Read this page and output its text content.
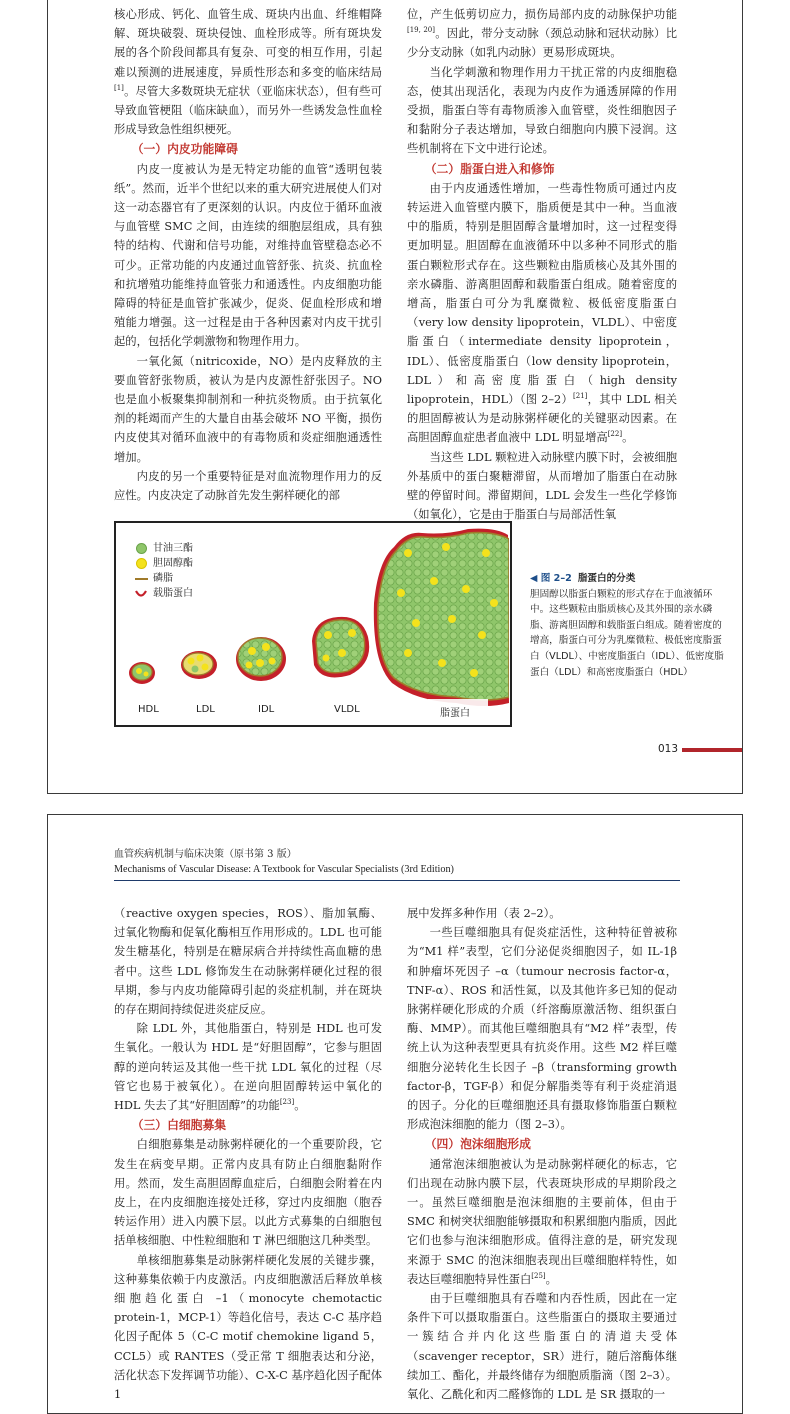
核心形成、钙化、血管生成、斑块内出血、纤维帽降解、斑块破裂、斑块侵蚀、血栓形成等。所有斑块发展的各个阶段间都具有复杂、可变的相互作用，引起难以预测的进展速度，异质性形态和多变的临床结局[1]。尽管大多数斑块无症状（亚临床状态），但有些可导致血管梗阻（临床缺血），而另外一些诱发急性血栓形成导致急性组织梗死。

（一）内皮功能障碍

内皮一度被认为是无特定功能的血管“透明包装纸”。然而，近半个世纪以来的重大研究进展使人们对这一动态器官有了更深刻的认识。内皮位于循环血液与血管壁 SMC 之间，由连续的细胞层组成，具有独特的结构、代谢和信号功能，对维持血管壁稳态必不可少。正常功能的内皮通过血管舒张、抗炎、抗血栓和抗增殖功能维持血管张力和通透性。内皮细胞功能障碍的特征是血管扩张减少，促炎、促血栓形成和增殖能力增强。这一过程是由于各种因素对内皮干扰引起的，包括化学刺激物和物理作用力。

一氧化氮（nitricoxide，NO）是内皮释放的主要血管舒张物质，被认为是内皮源性舒张因子。NO 也是血小板聚集抑制剂和一种抗炎物质。由于抗氧化剂的耗竭而产生的大量自由基会破坏 NO 平衡，损伤内皮使其对循环血液中的有毒物质和炎症细胞通透性增加。

内皮的另一个重要特征是对血流物理作用力的反应性。内皮决定了动脉首先发生粥样硬化的部

位，产生低剪切应力，损伤局部内皮的动脉保护功能[19, 20]。因此，带分支动脉（颈总动脉和冠状动脉）比少分支动脉（如乳内动脉）更易形成斑块。

当化学刺激和物理作用力干扰正常的内皮细胞稳态，使其出现活化，表现为内皮作为通透屏障的作用受损，脂蛋白等有毒物质渗入血管壁，炎性细胞因子和黏附分子表达增加，导致白细胞向内膜下浸润。这些机制将在下文中进行论述。

（二）脂蛋白进入和修饰

由于内皮通透性增加，一些毒性物质可通过内皮转运进入血管壁内膜下，脂质便是其中一种。当血液中的脂质，特别是胆固醇含量增加时，这一过程变得更加明显。胆固醇在血液循环中以多种不同形式的脂蛋白颗粒形式存在。这些颗粒由脂质核心及其外围的亲水磷脂、游离胆固醇和载脂蛋白组成。随着密度的增高，脂蛋白可分为乳糜微粒、极低密度脂蛋白（very low density lipoprotein，VLDL）、中密度脂蛋白（intermediate density lipoprotein，IDL）、低密度脂蛋白（low density lipoprotein，LDL）和高密度脂蛋白（high density lipoprotein，HDL）（图 2–2）[21]，其中 LDL 相关的胆固醇被认为是动脉粥样硬化的关键驱动因素。在高胆固醇血症患者血液中 LDL 明显增高[22]。

当这些 LDL 颗粒进入动脉壁内膜下时，会被细胞外基质中的蛋白聚糖滞留，从而增加了脂蛋白在动脉壁的停留时间。滞留期间，LDL 会发生一些化学修饰（如氧化），它是由于脂蛋白与局部活性氧

甘油三酯
胆固醇酯
磷脂
载脂蛋白
HDL	LDL	IDL	VLDL	脂蛋白
◀ 图 2–2 脂蛋白的分类
胆固醇以脂蛋白颗粒的形式存在于血液循环中。这些颗粒由脂质核心及其外围的亲水磷脂、游离胆固醇和载脂蛋白组成。随着密度的增高，脂蛋白可分为乳糜微粒、极低密度脂蛋白（VLDL）、中密度脂蛋白（IDL）、低密度脂蛋白（LDL）和高密度脂蛋白（HDL）
013
血管疾病机制与临床决策（原书第 3 版）
Mechanisms of Vascular Disease: A Textbook for Vascular Specialists (3rd Edition)

（reactive oxygen species，ROS）、脂加氧酶、过氧化物酶和促氧化酶相互作用形成的。LDL 也可能发生糖基化，特别是在糖尿病合并持续性高血糖的患者中。这些 LDL 修饰发生在动脉粥样硬化过程的很早期，参与内皮功能障碍引起的炎症机制，并在斑块的存在期间持续促进炎症反应。

除 LDL 外，其他脂蛋白，特别是 HDL 也可发生氧化。一般认为 HDL 是“好胆固醇”，它参与胆固醇的逆向转运及其他一些干扰 LDL 氧化的过程（尽管它也易于被氧化）。在逆向胆固醇转运中氧化的 HDL 失去了其“好胆固醇”的功能[23]。

（三）白细胞募集

白细胞募集是动脉粥样硬化的一个重要阶段，它发生在病变早期。正常内皮具有防止白细胞黏附作用。然而，发生高胆固醇血症后，白细胞会附着在内皮上，在内皮细胞连接处迁移，穿过内皮细胞（胞吞转运作用）进入内膜下层。以此方式募集的白细胞包括单核细胞、中性粒细胞和 T 淋巴细胞这几种类型。

单核细胞募集是动脉粥样硬化发展的关键步骤，这种募集依赖于内皮激活。内皮细胞激活后释放单核细胞趋化蛋白 –1（monocyte chemotactic protein-1，MCP-1）等趋化信号，表达 C-C 基序趋化因子配体 5（C-C motif chemokine ligand 5，CCL5）或 RANTES（受正常 T 细胞表达和分泌，活化状态下发挥调节功能）、C-X-C 基序趋化因子配体 1

展中发挥多种作用（表 2–2）。

一些巨噬细胞具有促炎症活性，这种特征曾被称为“M1 样”表型，它们分泌促炎细胞因子，如 IL-1β 和肿瘤坏死因子 –α（tumour necrosis factor-α，TNF-α）、ROS 和活性氮，以及其他许多已知的促动脉粥样硬化形成的介质（纤溶酶原激活物、组织蛋白酶、MMP）。而其他巨噬细胞具有“M2 样”表型，传统上认为这种表型更具有抗炎作用。这些 M2 样巨噬细胞分泌转化生长因子 –β（transforming growth factor-β，TGF-β）和促分解脂类等有利于炎症消退的因子。分化的巨噬细胞还具有摄取修饰脂蛋白颗粒形成泡沫细胞的能力（图 2–3）。

（四）泡沫细胞形成

通常泡沫细胞被认为是动脉粥样硬化的标志，它们出现在动脉内膜下层，代表斑块形成的早期阶段之一。虽然巨噬细胞是泡沫细胞的主要前体，但由于 SMC 和树突状细胞能够摄取和积累细胞内脂质，因此它们也参与泡沫细胞形成。值得注意的是，研究发现来源于 SMC 的泡沫细胞表现出巨噬细胞样特性，如表达巨噬细胞特异性蛋白[25]。

由于巨噬细胞具有吞噬和内吞性质，因此在一定条件下可以摄取脂蛋白。这些脂蛋白的摄取主要通过一簇结合并内化这些脂蛋白的清道夫受体（scavenger receptor，SR）进行，随后溶酶体继续加工、酯化，并最终储存为细胞质脂滴（图 2–3）。氧化、乙酰化和丙二醛修饰的 LDL 是 SR 摄取的一
